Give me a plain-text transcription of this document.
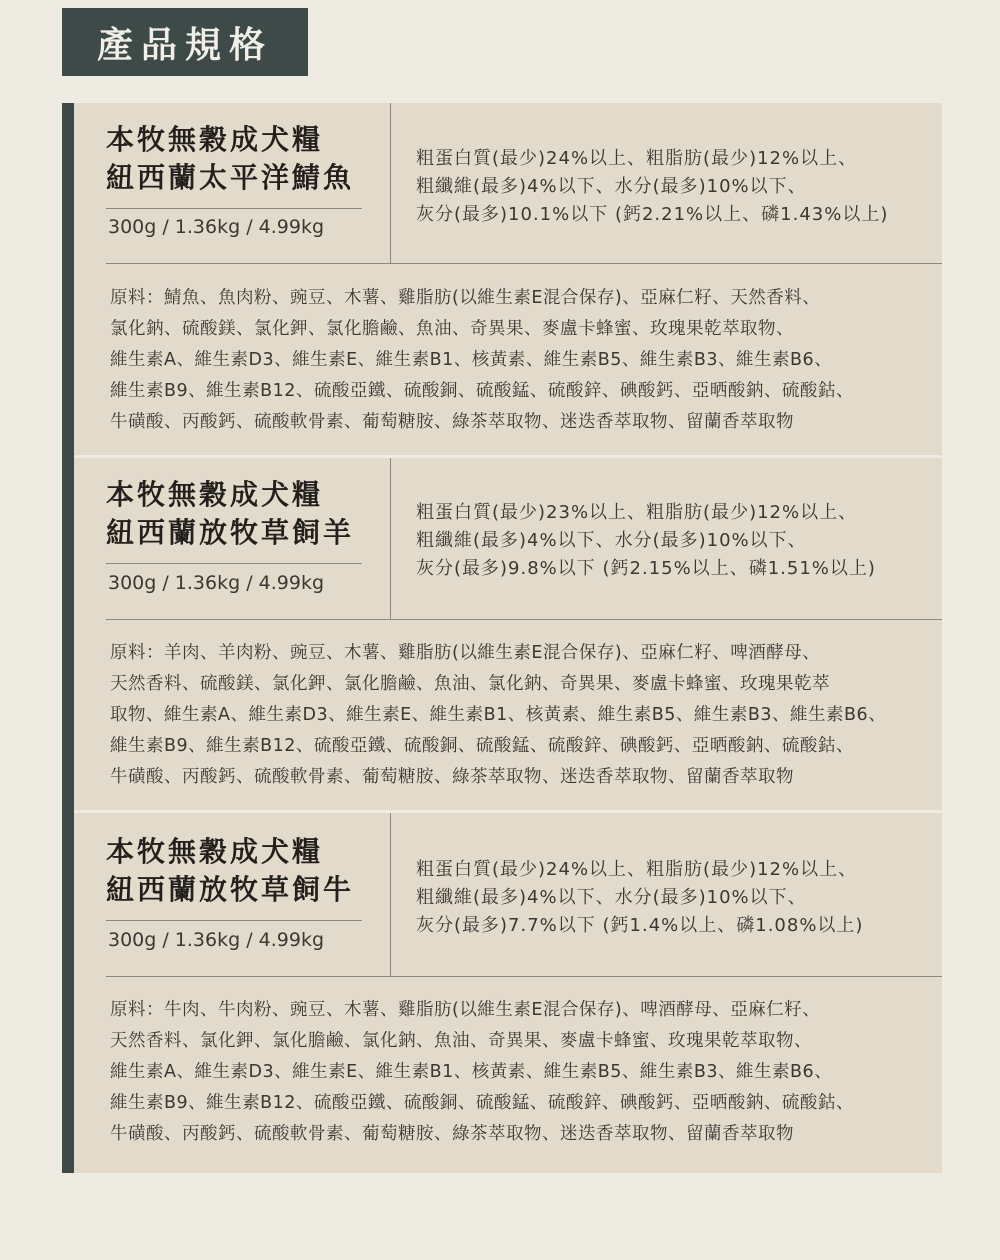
產品規格
本牧無穀成犬糧
紐西蘭太平洋鯖魚
300g / 1.36kg / 4.99kg
粗蛋白質(最少)24%以上、粗脂肪(最少)12%以上、
粗纖維(最多)4%以下、水分(最多)10%以下、
灰分(最多)10.1%以下 (鈣2.21%以上、磷1.43%以上)
原料：鯖魚、魚肉粉、豌豆、木薯、雞脂肪(以維生素E混合保存)、亞麻仁籽、天然香料、
氯化鈉、硫酸鎂、氯化鉀、氯化膽鹼、魚油、奇異果、麥盧卡蜂蜜、玫瑰果乾萃取物、
維生素A、維生素D3、維生素E、維生素B1、核黃素、維生素B5、維生素B3、維生素B6、
維生素B9、維生素B12、硫酸亞鐵、硫酸銅、硫酸錳、硫酸鋅、碘酸鈣、亞晒酸鈉、硫酸鈷、
牛磺酸、丙酸鈣、硫酸軟骨素、葡萄糖胺、綠茶萃取物、迷迭香萃取物、留蘭香萃取物
本牧無穀成犬糧
紐西蘭放牧草飼羊
300g / 1.36kg / 4.99kg
粗蛋白質(最少)23%以上、粗脂肪(最少)12%以上、
粗纖維(最多)4%以下、水分(最多)10%以下、
灰分(最多)9.8%以下 (鈣2.15%以上、磷1.51%以上)
原料：羊肉、羊肉粉、豌豆、木薯、雞脂肪(以維生素E混合保存)、亞麻仁籽、啤酒酵母、
天然香料、硫酸鎂、氯化鉀、氯化膽鹼、魚油、氯化鈉、奇異果、麥盧卡蜂蜜、玫瑰果乾萃
取物、維生素A、維生素D3、維生素E、維生素B1、核黃素、維生素B5、維生素B3、維生素B6、
維生素B9、維生素B12、硫酸亞鐵、硫酸銅、硫酸錳、硫酸鋅、碘酸鈣、亞晒酸鈉、硫酸鈷、
牛磺酸、丙酸鈣、硫酸軟骨素、葡萄糖胺、綠茶萃取物、迷迭香萃取物、留蘭香萃取物
本牧無穀成犬糧
紐西蘭放牧草飼牛
300g / 1.36kg / 4.99kg
粗蛋白質(最少)24%以上、粗脂肪(最少)12%以上、
粗纖維(最多)4%以下、水分(最多)10%以下、
灰分(最多)7.7%以下 (鈣1.4%以上、磷1.08%以上)
原料：牛肉、牛肉粉、豌豆、木薯、雞脂肪(以維生素E混合保存)、啤酒酵母、亞麻仁籽、
天然香料、氯化鉀、氯化膽鹼、氯化鈉、魚油、奇異果、麥盧卡蜂蜜、玫瑰果乾萃取物、
維生素A、維生素D3、維生素E、維生素B1、核黃素、維生素B5、維生素B3、維生素B6、
維生素B9、維生素B12、硫酸亞鐵、硫酸銅、硫酸錳、硫酸鋅、碘酸鈣、亞晒酸鈉、硫酸鈷、
牛磺酸、丙酸鈣、硫酸軟骨素、葡萄糖胺、綠茶萃取物、迷迭香萃取物、留蘭香萃取物
